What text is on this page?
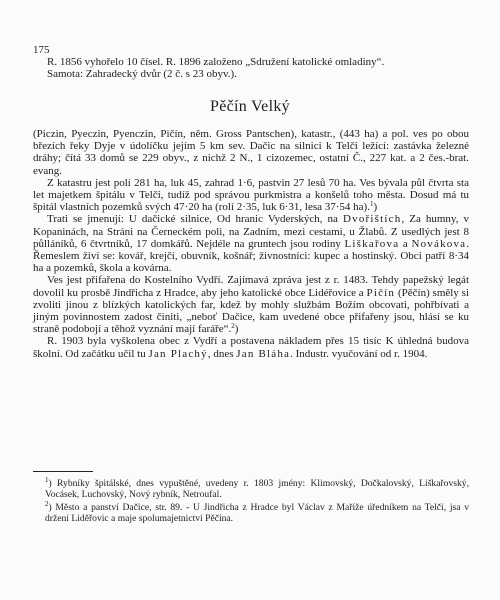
175

R. 1856 vyhořelo 10 čísel. R. 1896 založeno „Sdružení katolické omladiny“.

Samota: Zahradecký dvůr (2 č. s 23 obyv.).

Pěčín Velký

(Piczin, Pyeczin, Pyenczin, Pičín, něm. Gross Pantschen), katastr., (443 ha) a pol. ves po obou březích řeky Dyje v údolíčku jejím 5 km sev. Dačic na silnici k Telči ležící: zastávka železné dráhy; čítá 33 domů se 229 obyv., z nichž 2 N., 1 cizozemec, ostatní Č., 227 kat. a 2 čes.-brat. evang.

Z katastru jest polí 281 ha, luk 45, zahrad 1·6, pastvin 27 lesů 70 ha. Ves bývala půl čtvrta sta let majetkem špitálu v Telči, tudíž pod správou purkmistra a konšelů toho města. Dosud má tu špitál vlastních pozemků svých 47·20 ha (rolí 2·35, luk 6·31, lesa 37·54 ha).$^1$)

Trati se jmenují: U dačické silnice, Od hranic Vyderských, na Dvořištích, Za humny, v Kopaninách, na Stráni na Černeckém poli, na Zadním, mezi cestami, u Žlabů. Z usedlých jest 8 půlláníků, 6 čtvrtníků, 17 domkářů. Nejdéle na gruntech jsou rodiny Liškařova a Novákova. Řemeslem živí se: kovář, krejčí, obuvník, košnář; živnostníci: kupec a hostinský. Obci patří 8·34 ha a pozemků, škola a kovárna.

Ves jest přifařena do Kostelního Vydří. Zajímavá zpráva jest z r. 1483. Tehdy papežský legát dovolil ku prosbě Jindřicha z Hradce, aby jeho katolické obce Lidéřovice a Pičín (Pěčín) směly si zvoliti jinou z blízkých katolických far, kdež by mohly službám Božím obcovati, pohřbívati a jiným povinnostem zadost činiti, „neboť Dačice, kam uvedené obce přifařeny jsou, hlásí se ku straně podobojí a těhož vyznání mají faráře“.$^2$)

R. 1903 byla vyškolena obec z Vydří a postavena nákladem přes 15 tisíc K úhledná budova školní. Od začátku učil tu Jan Plachý, dnes Jan Bláha. Industr. vyučování od r. 1904.

$^1$) Rybníky špitálské, dnes vypuštěné, uvedeny r. 1803 jmény: Klimovský, Dočkalovský, Liškařovský, Vocásek, Luchovský, Nový rybník, Netroufal.

$^2$) Město a panství Dačice, str. 89. - U Jindřicha z Hradce byl Václav z Maříže úředníkem na Telči, jsa v držení Liděřovic a maje spolumajetnictví Pěčína.
